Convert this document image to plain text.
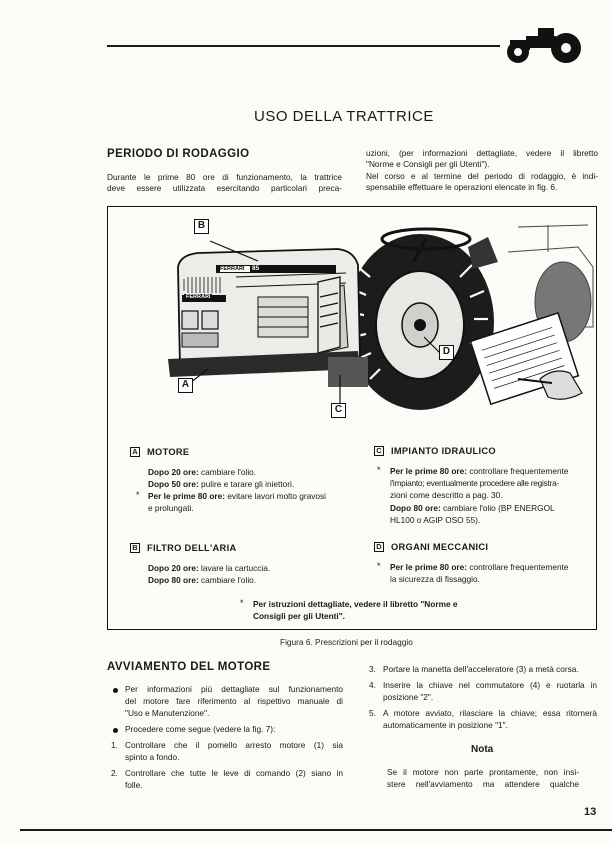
USO DELLA TRATTRICE
PERIODO DI RODAGGIO
Durante le prime 80 ore di funzionamento, la trattrice
deve essere utilizzata esercitando particolari preca-
uzioni, (per informazioni dettagliate, vedere il libretto
"Norme e Consigli per gli Utenti").
Nel corso e al termine del periodo di rodaggio, è indi-
spensabile effettuare le operazioni elencate in fig. 6.
FERRARI 85
FERRARI
B
A
C
D
A MOTORE
Dopo 20 ore: cambiare l'olio.
Dopo 50 ore: pulire e tarare gli iniettori.
* Per le prime 80 ore: evitare lavori molto gravosi
e prolungati.
B FILTRO DELL'ARIA
Dopo 20 ore: lavare la cartuccia.
Dopo 80 ore: cambiare l'olio.
C IMPIANTO IDRAULICO
* Per le prime 80 ore: controllare frequentemente
l'impianto; eventualmente procedere alle registra-
zioni come descritto a pag. 30.
Dopo 80 ore: cambiare l'olio (BP ENERGOL
HL100 o AGIP OSO 55).
D ORGANI MECCANICI
* Per le prime 80 ore: controllare frequentemente
la sicurezza di fissaggio.
* Per istruzioni dettagliate, vedere il libretto "Norme e
Consigli per gli Utenti".
Figura 6. Prescrizioni per il rodaggio
AVVIAMENTO DEL MOTORE
Per informazioni più dettagliate sul funzionamento
del motore fare riferimento al rispettivo manuale di
"Uso e Manutenzione".
Procedere come segue (vedere la fig. 7):
1. Controllare che il pomello arresto motore (1) sia
spinto a fondo.
2. Controllare che tutte le leve di comando (2) siano in
folle.
3. Portare la manetta dell'acceleratore (3) a metà corsa.
4. Inserire la chiave nel commutatore (4) e ruotarla in
posizione "2".
5. A motore avviato, rilasciare la chiave; essa ritornerà
automaticamente in posizione "1".
Nota
Se il motore non parte prontamente, non insi-
stere nell'avviamento ma attendere qualche
13
